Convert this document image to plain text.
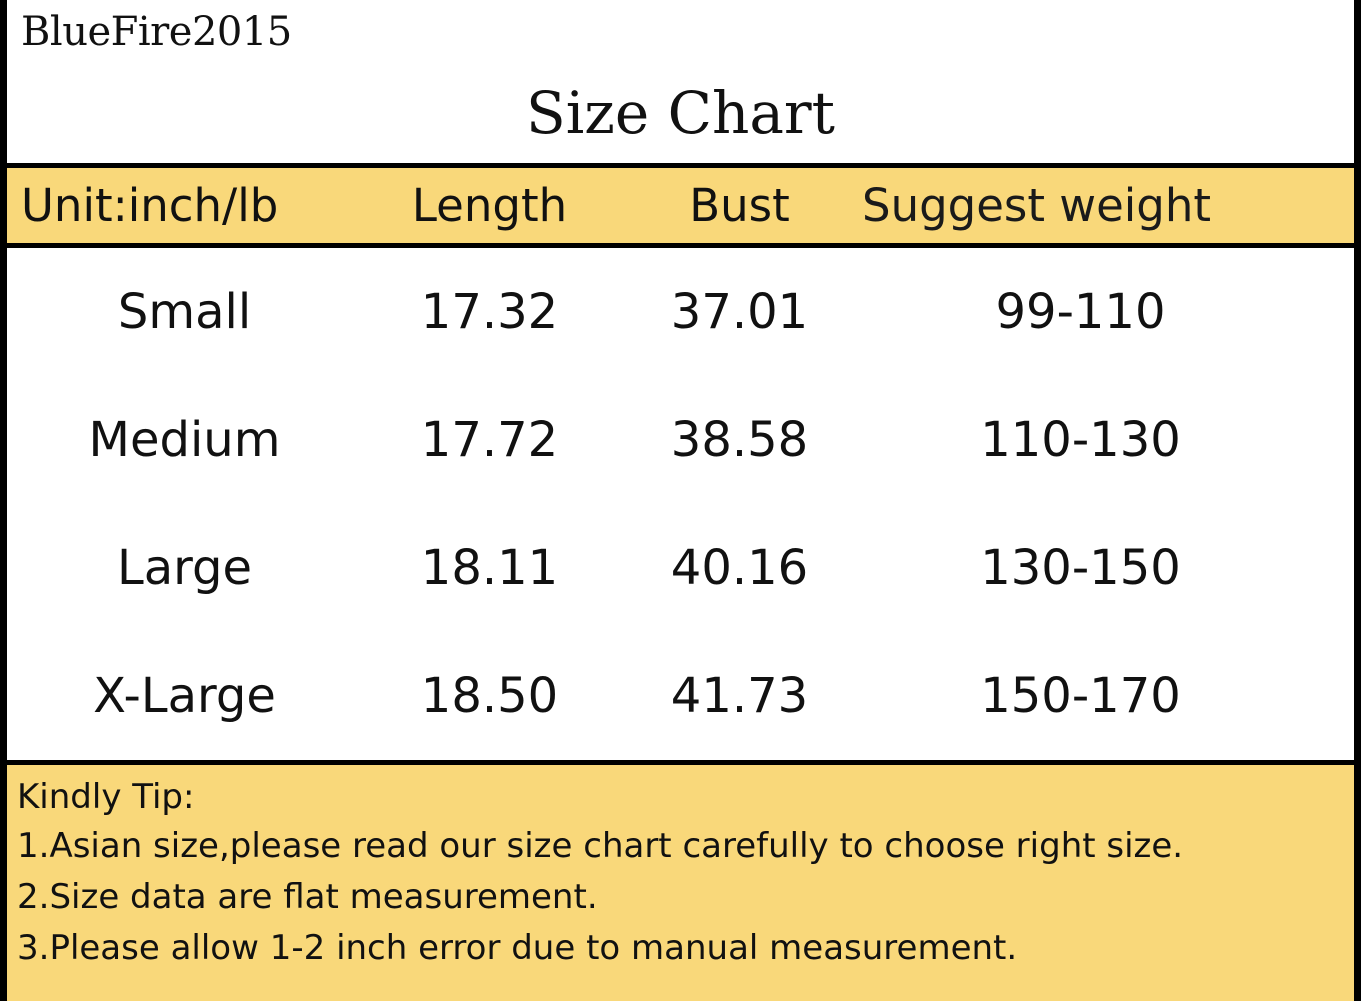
BlueFire2015
Size Chart
Unit:inch/lb	Length	Bust	Suggest weight
Small	17.32	37.01	99-110
Medium	17.72	38.58	110-130
Large	18.11	40.16	130-150
X-Large	18.50	41.73	150-170
Kindly Tip:
1.Asian size,please read our size chart carefully to choose right size.
2.Size data are flat measurement.
3.Please allow 1-2 inch error due to manual measurement.
